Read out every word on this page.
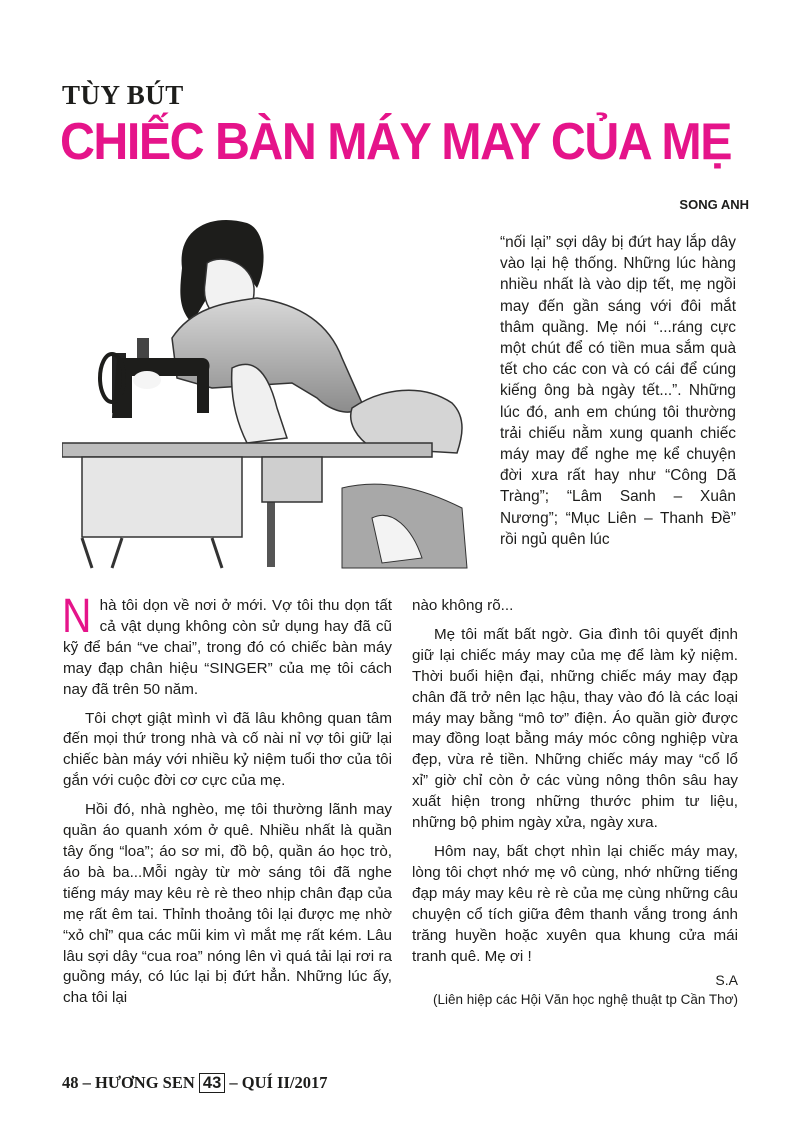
TÙY BÚT
CHIẾC BÀN MÁY MAY CỦA MẸ
SONG ANH

“nối lại” sợi dây bị đứt hay lắp dây vào lại hệ thống. Những lúc hàng nhiều nhất là vào dịp tết, mẹ ngồi may đến gần sáng với đôi mắt thâm quầng. Mẹ nói “...ráng cực một chút để có tiền mua sắm quà tết cho các con và có cái để cúng kiếng ông bà ngày tết...”. Những lúc đó, anh em chúng tôi thường trải chiếu nằm xung quanh chiếc máy may để nghe mẹ kể chuyện đời xưa rất hay như “Công Dã Tràng”; “Lâm Sanh – Xuân Nương”; “Mục Liên – Thanh Đề” rồi ngủ quên lúc

Nhà tôi dọn về nơi ở mới. Vợ tôi thu dọn tất cả vật dụng không còn sử dụng hay đã cũ kỹ để bán “ve chai”, trong đó có chiếc bàn máy may đạp chân hiệu “SINGER” của mẹ tôi cách nay đã trên 50 năm.

Tôi chợt giật mình vì đã lâu không quan tâm đến mọi thứ trong nhà và cố nài nỉ vợ tôi giữ lại chiếc bàn máy với nhiều kỷ niệm tuổi thơ của tôi gắn với cuộc đời cơ cực của mẹ.

Hồi đó, nhà nghèo, mẹ tôi thường lãnh may quần áo quanh xóm ở quê. Nhiều nhất là quần tây ống “loa”; áo sơ mi, đồ bộ, quần áo học trò, áo bà ba...Mỗi ngày từ mờ sáng tôi đã nghe tiếng máy may kêu rè rè theo nhịp chân đạp của mẹ rất êm tai. Thỉnh thoảng tôi lại được mẹ nhờ “xỏ chỉ” qua các mũi kim vì mắt mẹ rất kém. Lâu lâu sợi dây “cua roa” nóng lên vì quá tải lại rơi ra guồng máy, có lúc lại bị đứt hẳn. Những lúc ấy, cha tôi lại

nào không rõ...

Mẹ tôi mất bất ngờ. Gia đình tôi quyết định giữ lại chiếc máy may của mẹ để làm kỷ niệm. Thời buổi hiện đại, những chiếc máy may đạp chân đã trở nên lạc hậu, thay vào đó là các loại máy may bằng “mô tơ” điện. Áo quần giờ được may đồng loạt bằng máy móc công nghiệp vừa đẹp, vừa rẻ tiền. Những chiếc máy may “cổ lổ xỉ” giờ chỉ còn ở các vùng nông thôn sâu hay xuất hiện trong những thước phim tư liệu, những bộ phim ngày xửa, ngày xưa.

Hôm nay, bất chợt nhìn lại chiếc máy may, lòng tôi chợt nhớ mẹ vô cùng, nhớ những tiếng đạp máy may kêu rè rè của mẹ cùng những câu chuyện cổ tích giữa đêm thanh vắng trong ánh trăng huyền hoặc xuyên qua khung cửa mái tranh quê. Mẹ ơi !

S.A
(Liên hiệp các Hội Văn học nghệ thuật tp Cần Thơ)
48 – HƯƠNG SEN 43 – QUÍ II/2017
